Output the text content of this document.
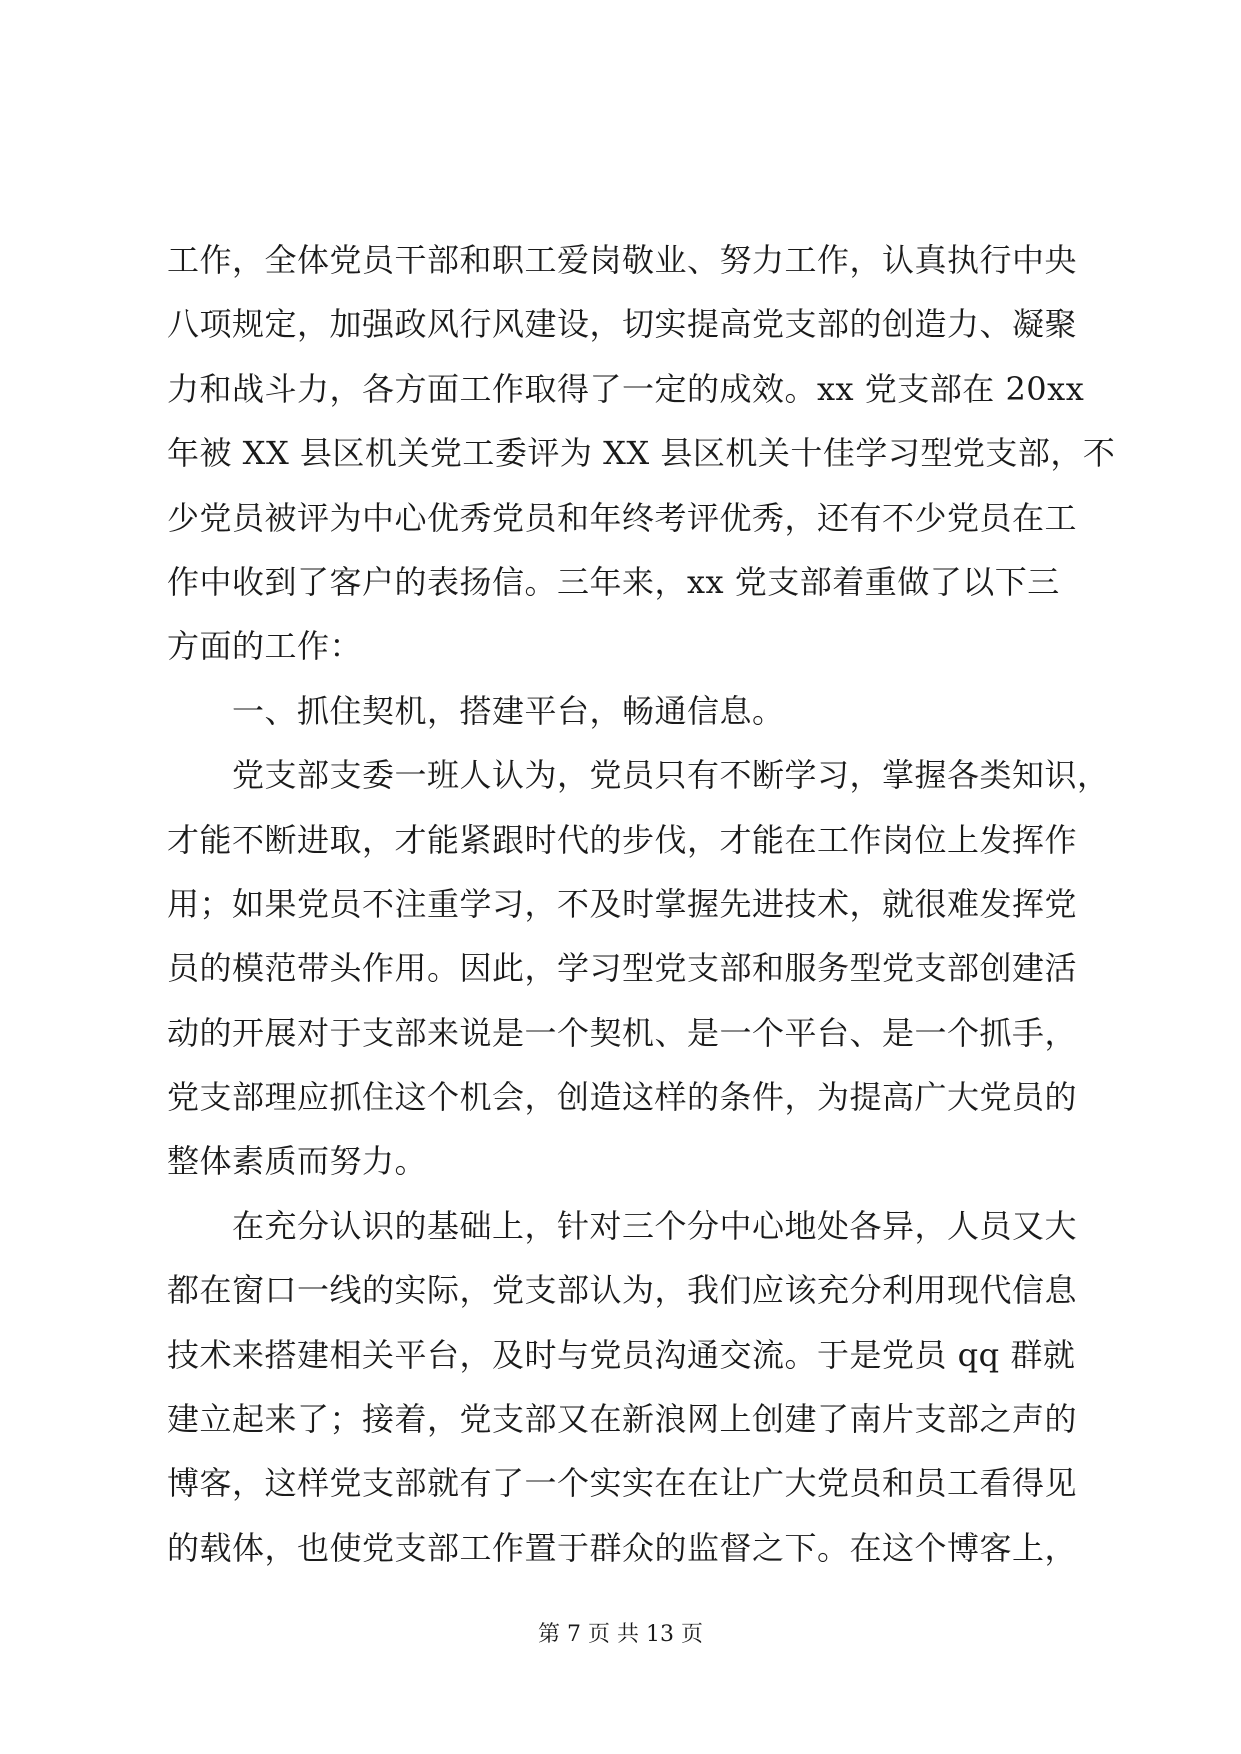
工作，全体党员干部和职工爱岗敬业、努力工作，认真执行中央
八项规定，加强政风行风建设，切实提高党支部的创造力、凝聚
力和战斗力，各方面工作取得了一定的成效。xx 党支部在 20xx
年被 XX 县区机关党工委评为 XX 县区机关十佳学习型党支部，不
少党员被评为中心优秀党员和年终考评优秀，还有不少党员在工
作中收到了客户的表扬信。三年来，xx 党支部着重做了以下三
方面的工作：
　　一、抓住契机，搭建平台，畅通信息。
　　党支部支委一班人认为，党员只有不断学习，掌握各类知识，
才能不断进取，才能紧跟时代的步伐，才能在工作岗位上发挥作
用；如果党员不注重学习，不及时掌握先进技术，就很难发挥党
员的模范带头作用。因此，学习型党支部和服务型党支部创建活
动的开展对于支部来说是一个契机、是一个平台、是一个抓手，
党支部理应抓住这个机会，创造这样的条件，为提高广大党员的
整体素质而努力。
　　在充分认识的基础上，针对三个分中心地处各异，人员又大
都在窗口一线的实际，党支部认为，我们应该充分利用现代信息
技术来搭建相关平台，及时与党员沟通交流。于是党员 qq 群就
建立起来了；接着，党支部又在新浪网上创建了南片支部之声的
博客，这样党支部就有了一个实实在在让广大党员和员工看得见
的载体，也使党支部工作置于群众的监督之下。在这个博客上，
第 7 页 共 13 页
